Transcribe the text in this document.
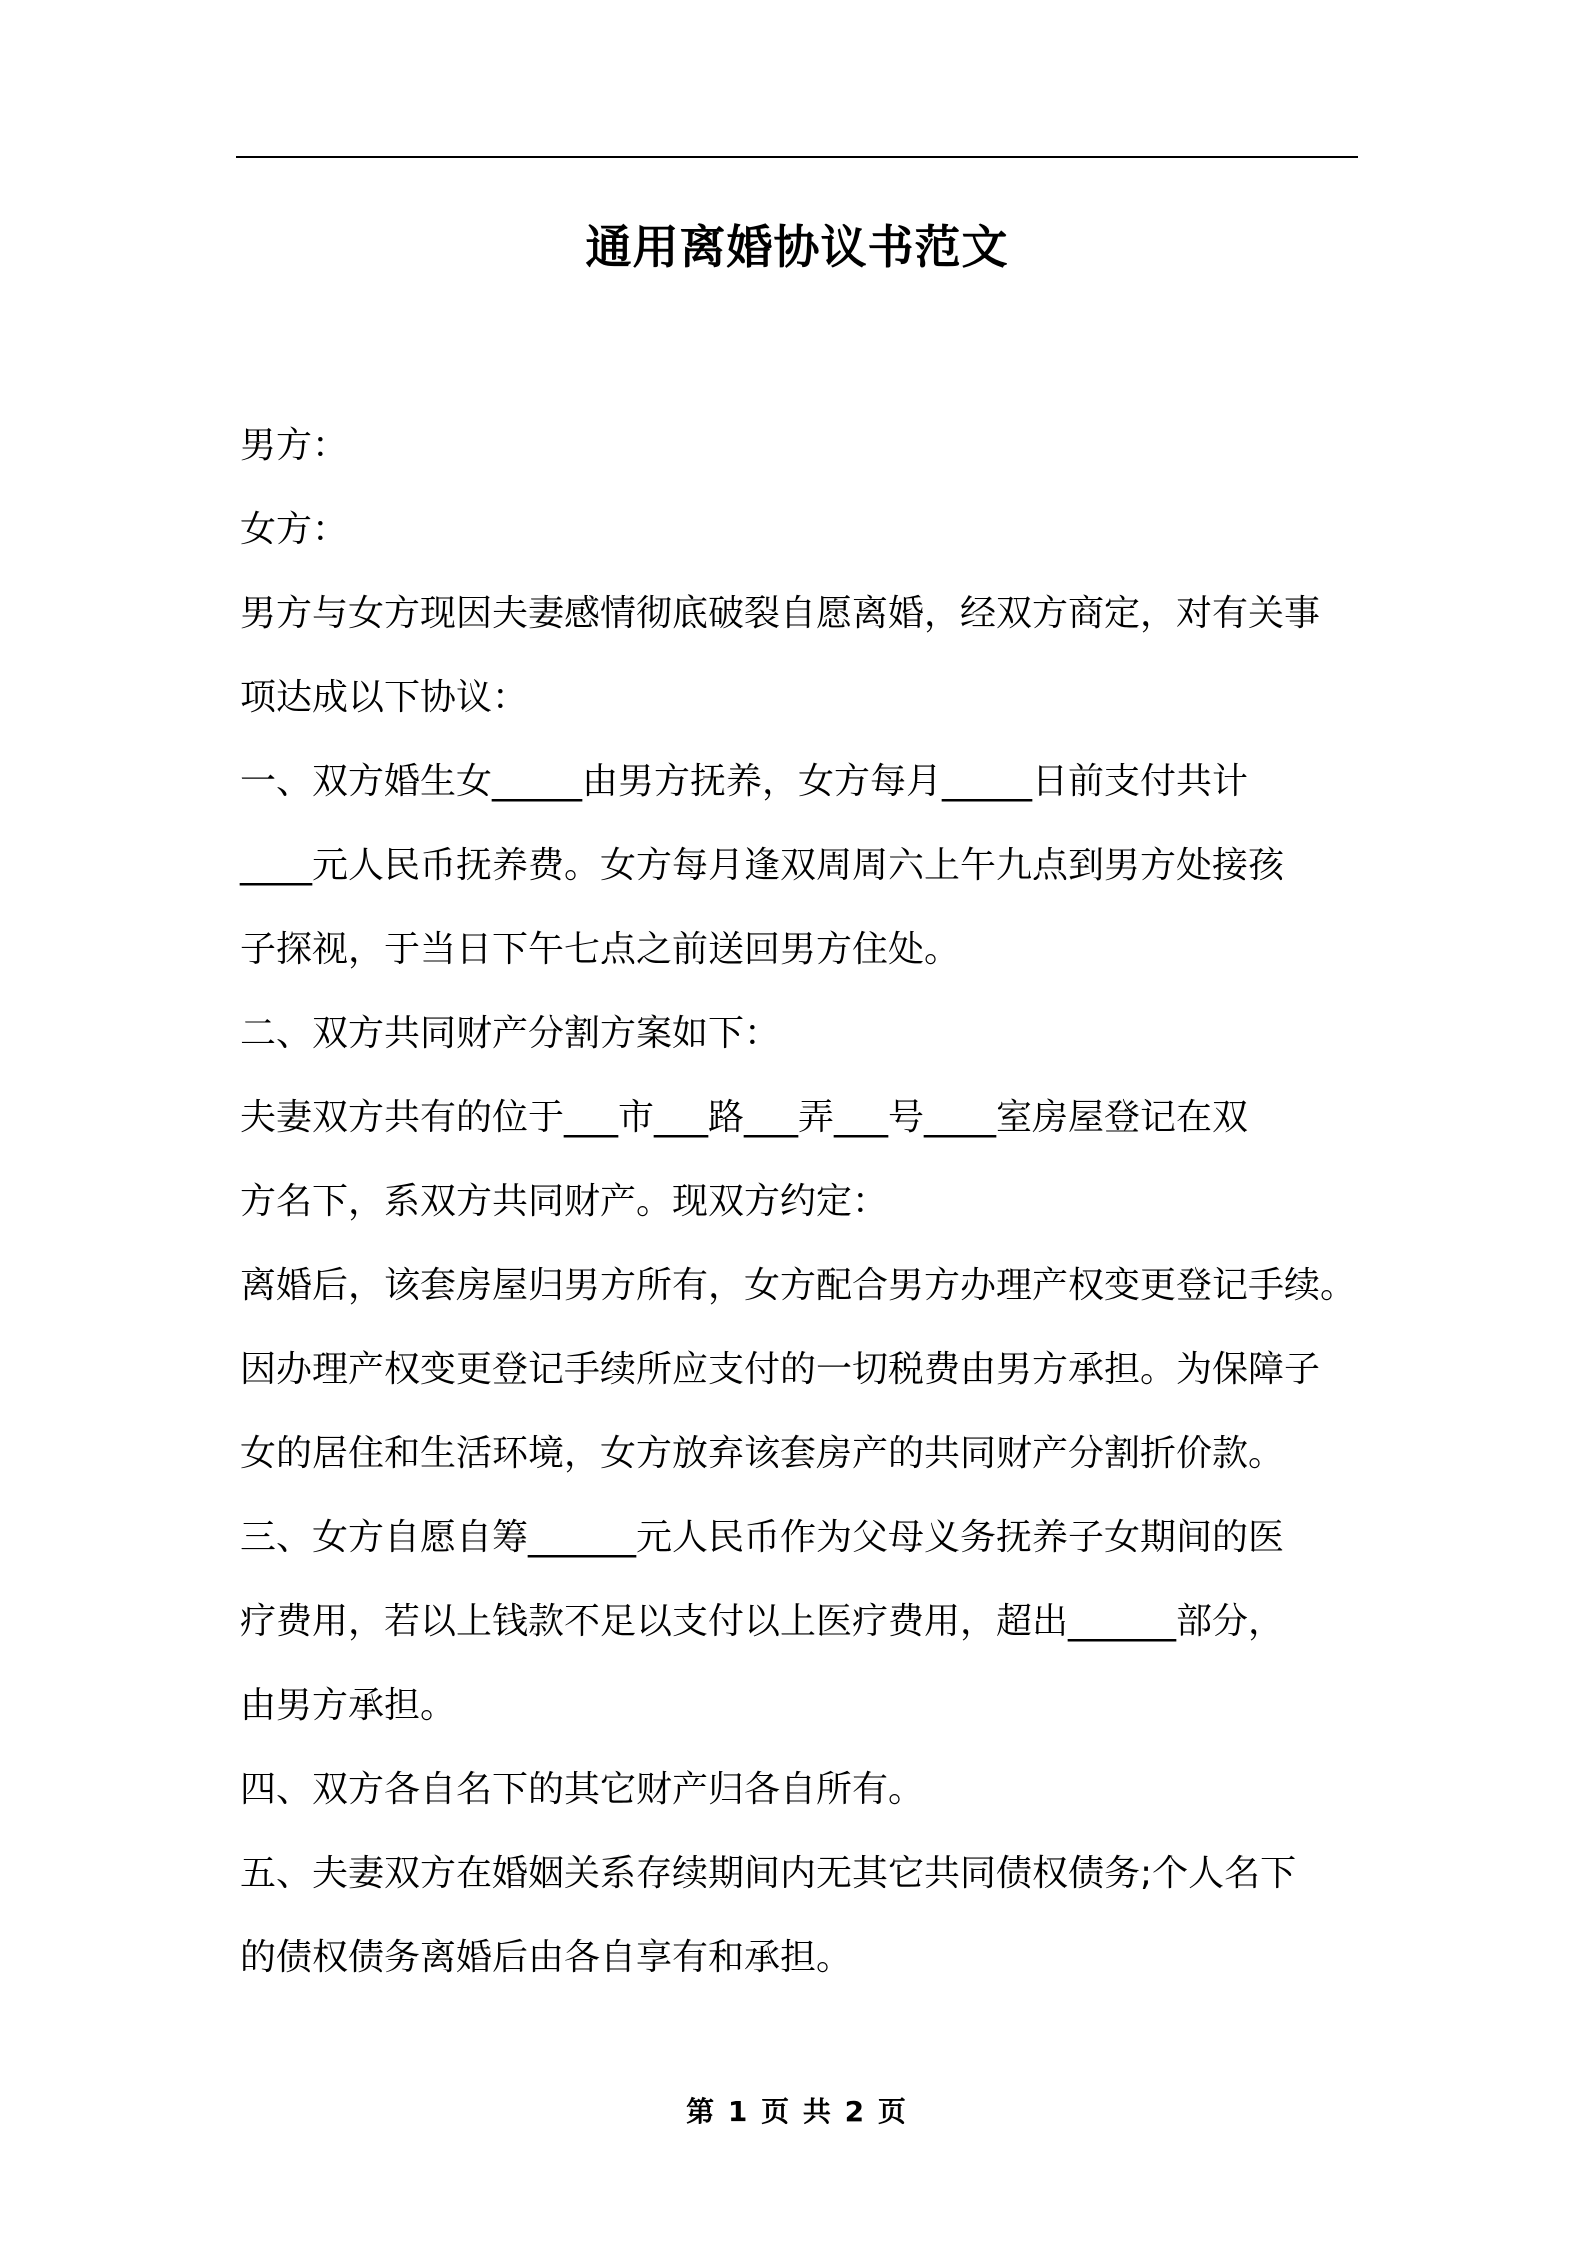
通用离婚协议书范文

男方：

女方：

男方与女方现因夫妻感情彻底破裂自愿离婚，经双方商定，对有关事

项达成以下协议：

一、双方婚生女_____由男方抚养，女方每月_____日前支付共计

____元人民币抚养费。女方每月逢双周周六上午九点到男方处接孩

子探视，于当日下午七点之前送回男方住处。

二、双方共同财产分割方案如下：

夫妻双方共有的位于___市___路___弄___号____室房屋登记在双

方名下，系双方共同财产。现双方约定：

离婚后，该套房屋归男方所有，女方配合男方办理产权变更登记手续。

因办理产权变更登记手续所应支付的一切税费由男方承担。为保障子

女的居住和生活环境，女方放弃该套房产的共同财产分割折价款。

三、女方自愿自筹______元人民币作为父母义务抚养子女期间的医

疗费用，若以上钱款不足以支付以上医疗费用，超出______部分，

由男方承担。

四、双方各自名下的其它财产归各自所有。

五、夫妻双方在婚姻关系存续期间内无其它共同债权债务;个人名下

的债权债务离婚后由各自享有和承担。

第 1 页 共 2 页
